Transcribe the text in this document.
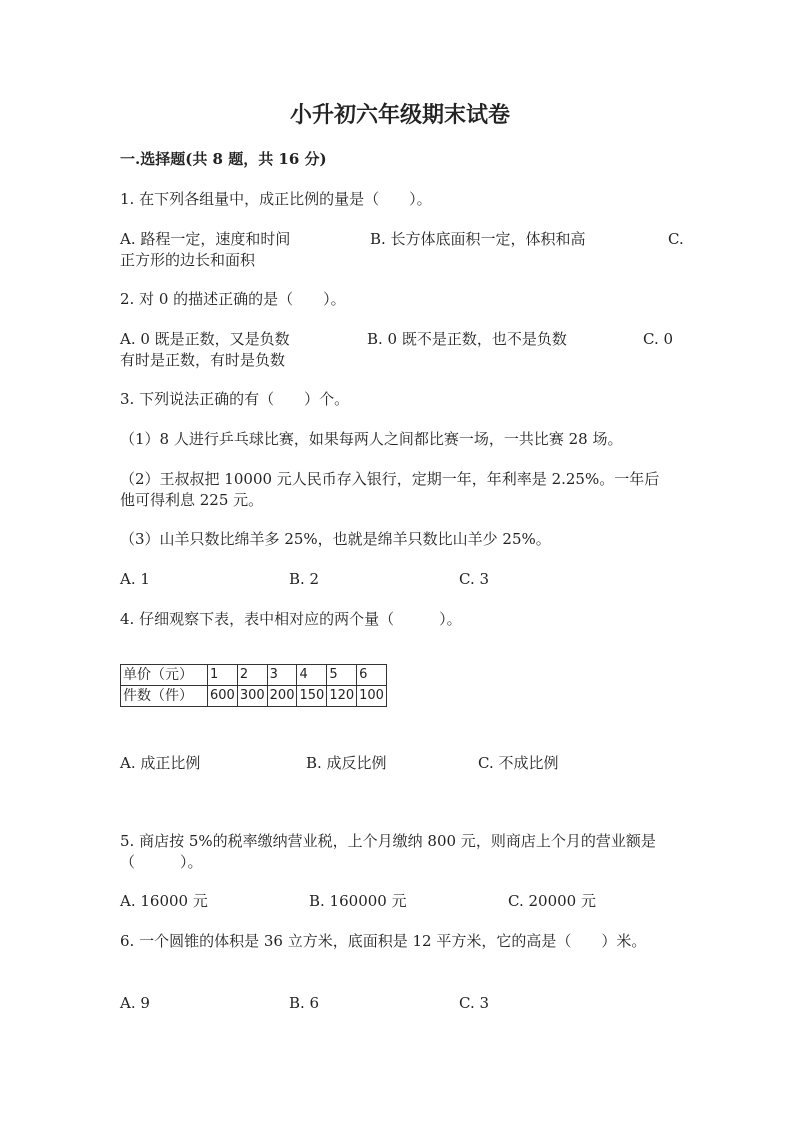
小升初六年级期末试卷
一.选择题(共 8 题，共 16 分)
1. 在下列各组量中，成正比例的量是（　　）。
A. 路程一定，速度和时间	B. 长方体底面积一定，体积和高	C.
正方形的边长和面积
2. 对 0 的描述正确的是（　　）。
A. 0 既是正数，又是负数	B. 0 既不是正数，也不是负数	C. 0
有时是正数，有时是负数
3. 下列说法正确的有（　　）个。
（1）8 人进行乒乓球比赛，如果每两人之间都比赛一场，一共比赛 28 场。
（2）王叔叔把 10000 元人民币存入银行，定期一年，年利率是 2.25%。一年后
他可得利息 225 元。
（3）山羊只数比绵羊多 25%，也就是绵羊只数比山羊少 25%。
A. 1	B. 2	C. 3
4. 仔细观察下表，表中相对应的两个量（　　　）。
单价（元）	1	2	3	4	5	6
件数（件）	600	300	200	150	120	100
A. 成正比例	B. 成反比例	C. 不成比例
5. 商店按 5%的税率缴纳营业税，上个月缴纳 800 元，则商店上个月的营业额是
（　　　）。
A. 16000 元	B. 160000 元	C. 20000 元
6. 一个圆锥的体积是 36 立方米，底面积是 12 平方米，它的高是（　　）米。
A. 9	B. 6	C. 3
